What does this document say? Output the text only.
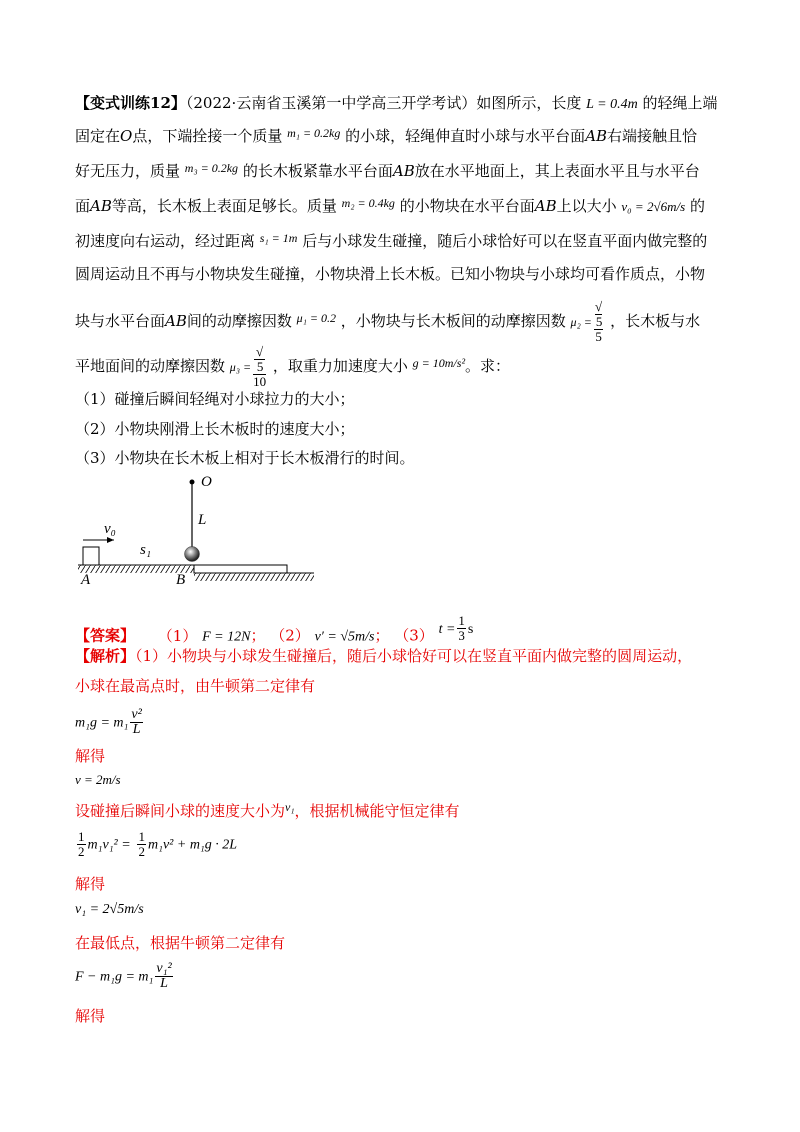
【变式训练12】（2022·云南省玉溪第一中学高三开学考试）如图所示，长度 L = 0.4m 的轻绳上端
固定在O点，下端拴接一个质量 $^{m_1 = 0.2kg}$ 的小球，轻绳伸直时小球与水平台面AB右端接触且恰
好无压力，质量 $^{m_3 = 0.2kg}$ 的长木板紧靠水平台面AB放在水平地面上，其上表面水平且与水平台
面AB等高，长木板上表面足够长。质量 $^{m_2 = 0.4kg}$ 的小物块在水平台面AB上以大小 v₀ = 2√6m/s 的
初速度向右运动，经过距离 $^{s_1 = 1m}$ 后与小球发生碰撞，随后小球恰好可以在竖直平面内做完整的
圆周运动且不再与小物块发生碰撞，小物块滑上长木板。已知小物块与小球均可看作质点，小物
块与水平台面AB间的动摩擦因数 $^{\mu_1 = 0.2}$ ，小物块与长木板间的动摩擦因数 μ₂ = √
5
5 ，长木板与水
平地面间的动摩擦因数 μ₃ = √
5
10 ，取重力加速度大小 $^{g = 10m/s^2}$。求：
（1）碰撞后瞬间轻绳对小球拉力的大小；
（2）小物块刚滑上长木板时的速度大小；
（3）小物块在长木板上相对于长木板滑行的时间。
v₀
s₁
A	B
O
L
【答案】 （1） F = 12N； （2） v′ = √5m/s； （3） $t = \frac{1}{3}$ s
【解析】（1）小物块与小球发生碰撞后，随后小球恰好可以在竖直平面内做完整的圆周运动，
小球在最高点时，由牛顿第二定律有
$m_1g = m_1 \frac{\text{v²}}{L}$
解得
v = 2m/s
设碰撞后瞬间小球的速度大小为$^{v_1}$，根据机械能守恒定律有
$\frac{1}{2} m_1v_1^2 = \frac{1}{2} m_1v^2 + m_1g \cdot 2L$
解得
v₁ = 2√5m/s
在最低点，根据牛顿第二定律有
$F - m_1g = m_1 \frac{\text{v₁²}}{L}$
解得
